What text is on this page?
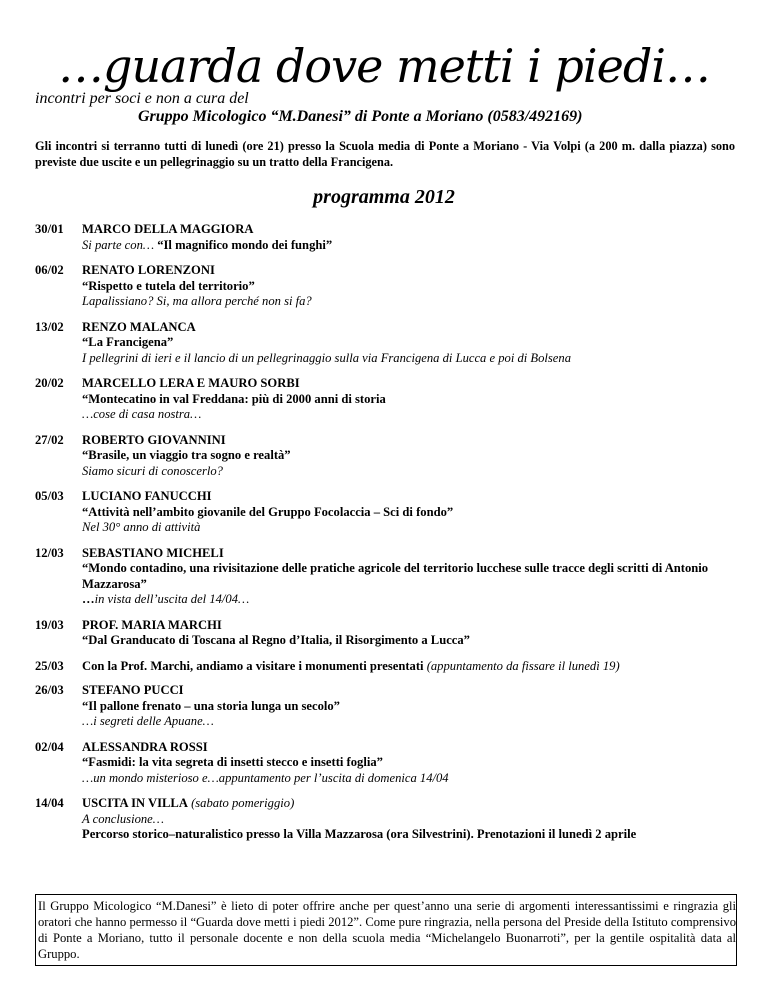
…guarda dove metti i piedi…
incontri per soci e non a cura del
Gruppo Micologico “M.Danesi” di Ponte a Moriano (0583/492169)
Gli incontri si terranno tutti di lunedì (ore 21) presso la Scuola media di Ponte a Moriano - Via Volpi (a 200 m. dalla piazza) sono previste due uscite e un pellegrinaggio su un tratto della Francigena.
programma 2012
30/01	MARCO DELLA MAGGIORA
Si parte con… “Il magnifico mondo dei funghi”
06/02	RENATO LORENZONI
“Rispetto e tutela del territorio”
Lapalissiano? Si, ma allora perché non si fa?
13/02	RENZO MALANCA
“La Francigena”
I pellegrini di ieri e il lancio di un pellegrinaggio sulla via Francigena di Lucca e poi di Bolsena
20/02	MARCELLO LERA E MAURO SORBI
“Montecatino in val Freddana: più di 2000 anni di storia
…cose di casa nostra…
27/02	ROBERTO GIOVANNINI
“Brasile, un viaggio tra sogno e realtà”
Siamo sicuri di conoscerlo?
05/03	LUCIANO FANUCCHI
“Attività nell’ambito giovanile del Gruppo Focolaccia – Sci di fondo”
Nel 30° anno di attività
12/03	SEBASTIANO MICHELI
“Mondo contadino, una rivisitazione delle pratiche agricole del territorio lucchese sulle tracce degli scritti di Antonio Mazzarosa”
…in vista dell’uscita del 14/04…
19/03	PROF. MARIA MARCHI
“Dal Granducato di Toscana al Regno d’Italia, il Risorgimento a Lucca”
25/03	Con la Prof. Marchi, andiamo a visitare i monumenti presentati (appuntamento da fissare il lunedì 19)
26/03	STEFANO PUCCI
“Il pallone frenato – una storia lunga un secolo”
…i segreti delle Apuane…
02/04	ALESSANDRA ROSSI
“Fasmidi: la vita segreta di insetti stecco e insetti foglia”
…un mondo misterioso e…appuntamento per l’uscita di domenica 14/04
14/04	USCITA IN VILLA (sabato pomeriggio)
A conclusione…
Percorso storico–naturalistico presso la Villa Mazzarosa (ora Silvestrini). Prenotazioni il lunedì 2 aprile
Il Gruppo Micologico “M.Danesi” è lieto di poter offrire anche per quest’anno una serie di argomenti interessantissimi e ringrazia gli oratori che hanno permesso il “Guarda dove metti i piedi 2012”. Come pure ringrazia, nella persona del Preside della Istituto comprensivo di Ponte a Moriano, tutto il personale docente e non della scuola media “Michelangelo Buonarroti”, per la gentile ospitalità data al Gruppo.
